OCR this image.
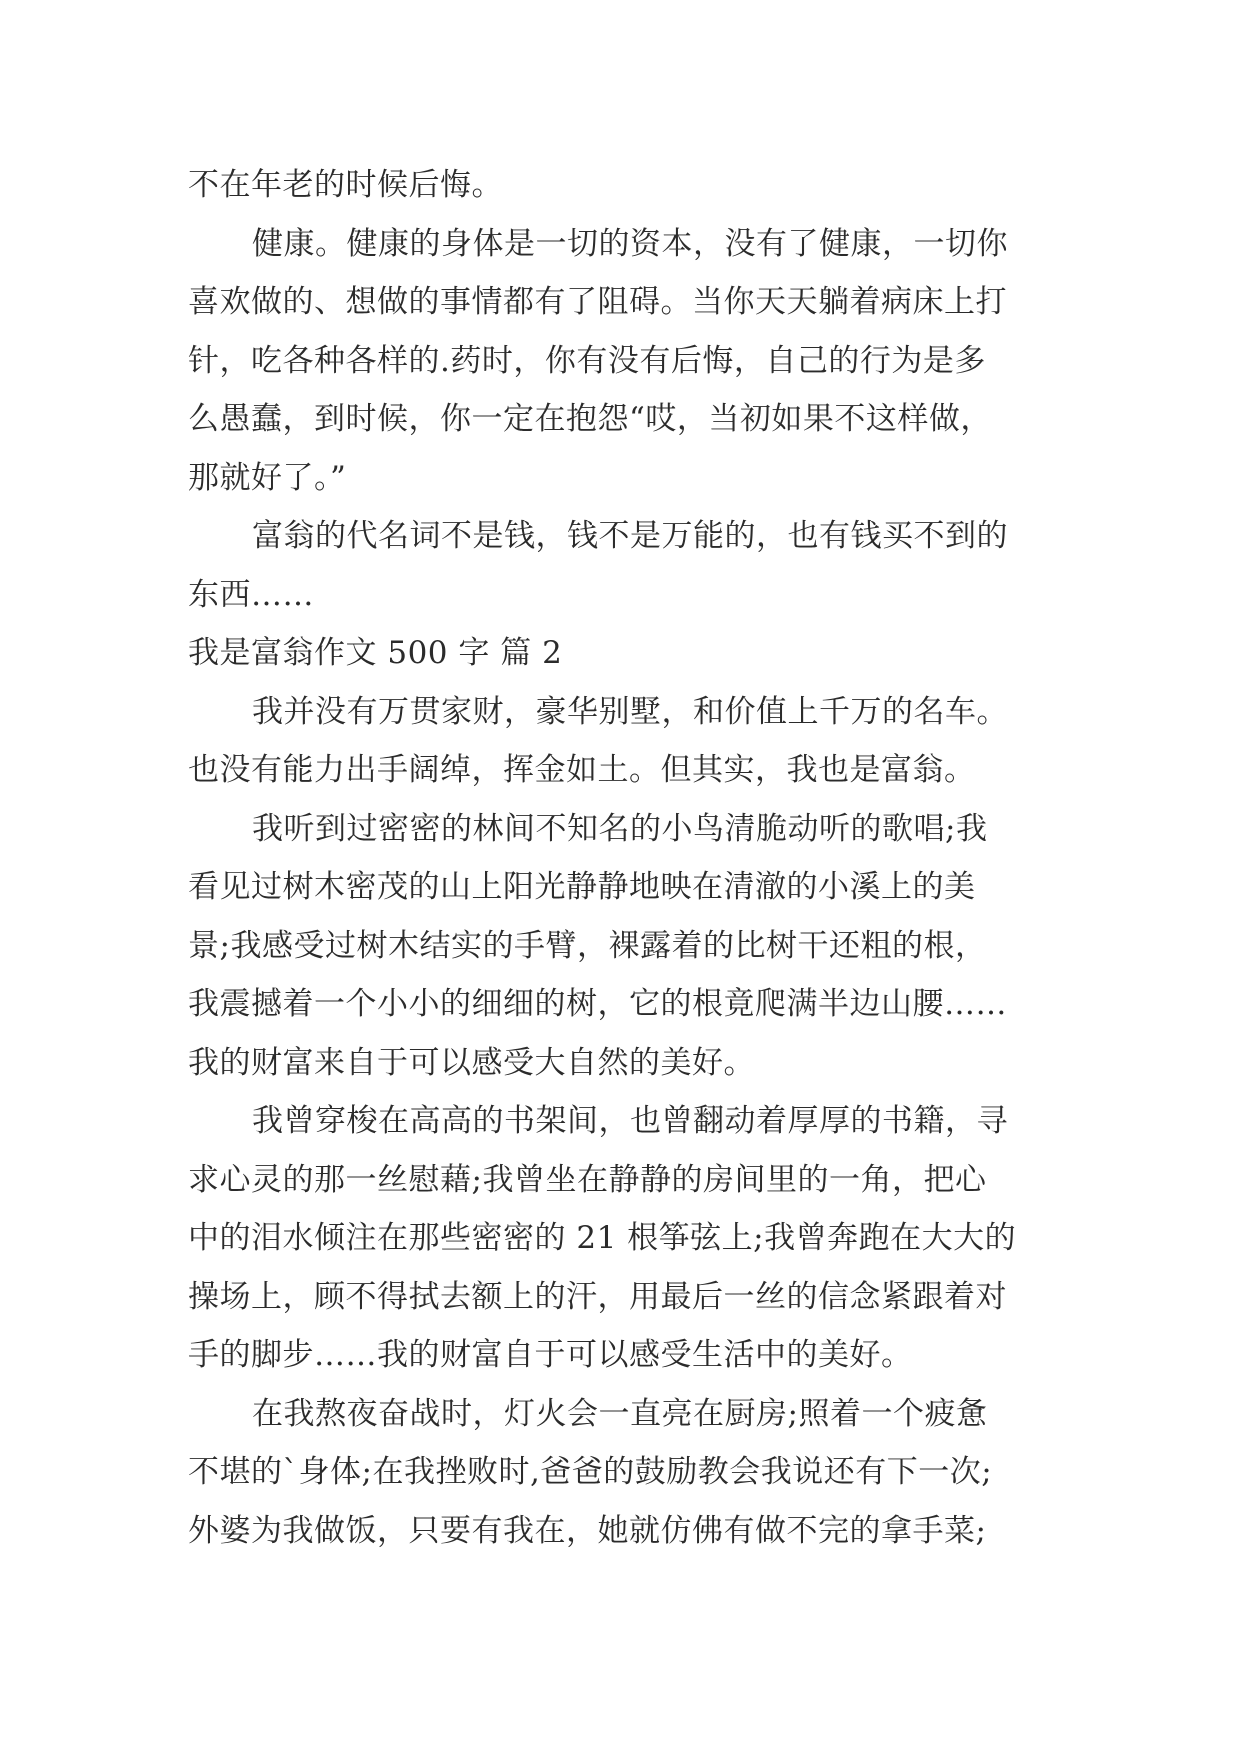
不在年老的时候后悔。
健康。健康的身体是一切的资本，没有了健康，一切你
喜欢做的、想做的事情都有了阻碍。当你天天躺着病床上打
针，吃各种各样的.药时，你有没有后悔，自己的行为是多
么愚蠢，到时候，你一定在抱怨“哎，当初如果不这样做，
那就好了。”
富翁的代名词不是钱，钱不是万能的，也有钱买不到的
东西……
我是富翁作文 500 字 篇 2
我并没有万贯家财，豪华别墅，和价值上千万的名车。
也没有能力出手阔绰，挥金如土。但其实，我也是富翁。
我听到过密密的林间不知名的小鸟清脆动听的歌唱;我
看见过树木密茂的山上阳光静静地映在清澈的小溪上的美
景;我感受过树木结实的手臂，裸露着的比树干还粗的根，
我震撼着一个小小的细细的树，它的根竟爬满半边山腰……
我的财富来自于可以感受大自然的美好。
我曾穿梭在高高的书架间，也曾翻动着厚厚的书籍，寻
求心灵的那一丝慰藉;我曾坐在静静的房间里的一角，把心
中的泪水倾注在那些密密的 21 根筝弦上;我曾奔跑在大大的
操场上，顾不得拭去额上的汗，用最后一丝的信念紧跟着对
手的脚步……我的财富自于可以感受生活中的美好。
在我熬夜奋战时，灯火会一直亮在厨房;照着一个疲惫
不堪的`身体;在我挫败时,爸爸的鼓励教会我说还有下一次;
外婆为我做饭，只要有我在，她就仿佛有做不完的拿手菜;
